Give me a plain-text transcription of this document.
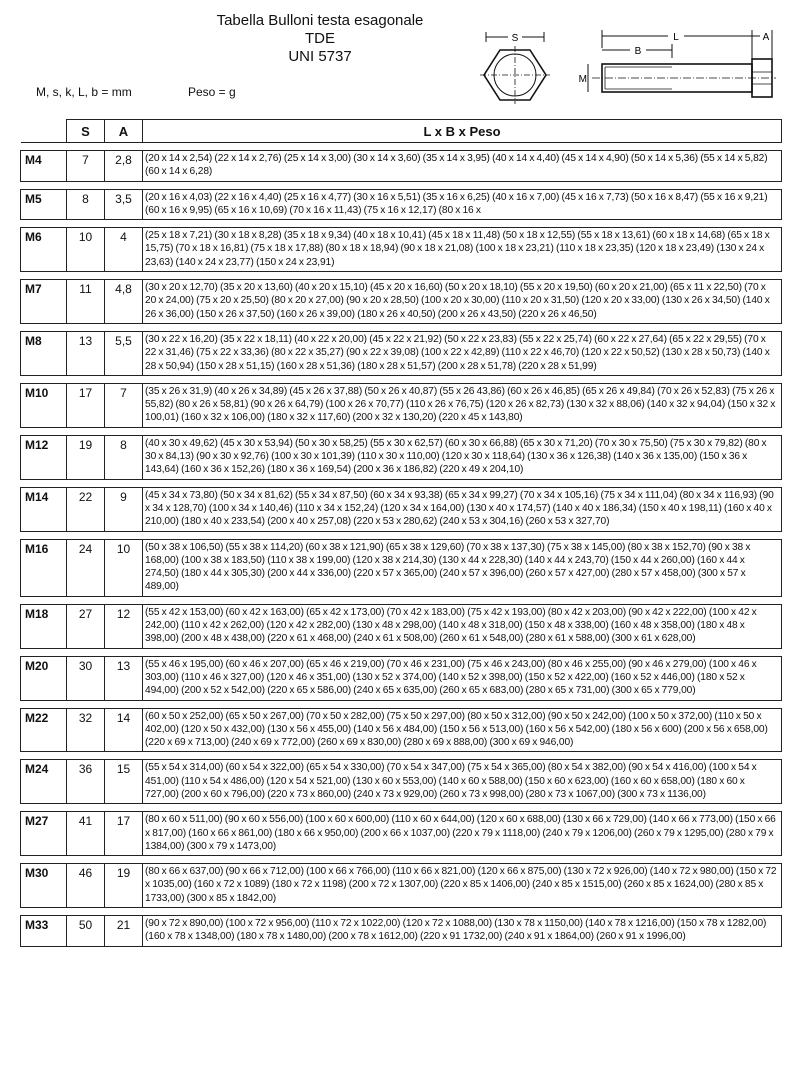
Tabella Bulloni testa esagonale TDE
UNI 5737
M, s, k, L, b = mm	Peso = g
S	L	A
B
M
	S	A	L x B x Peso

M4	7	2,8	(20 x 14 x 2,54) (22 x 14 x 2,76) (25 x 14 x 3,00) (30 x 14 x 3,60) (35 x 14 x 3,95) (40 x 14 x 4,40) (45 x 14 x 4,90) (50 x 14 x 5,36) (55 x 14 x 5,82) (60 x 14 x 6,28)

M5	8	3,5	(20 x 16 x 4,03) (22 x 16 x 4,40) (25 x 16 x 4,77) (30 x 16 x 5,51) (35 x 16 x 6,25) (40 x 16 x 7,00) (45 x 16 x 7,73) (50 x 16 x 8,47) (55 x 16 x 9,21) (60 x 16 x 9,95) (65 x 16 x 10,69) (70 x 16 x 11,43) (75 x 16 x 12,17) (80 x 16 x

M6	10	4	(25 x 18 x 7,21) (30 x 18 x 8,28) (35 x 18 x 9,34) (40 x 18 x 10,41) (45 x 18 x 11,48) (50 x 18 x 12,55) (55 x 18 x 13,61) (60 x 18 x 14,68) (65 x 18 x 15,75) (70 x 18 x 16,81) (75 x 18 x 17,88) (80 x 18 x 18,94) (90 x 18 x 21,08) (100 x 18 x 23,21) (110 x 18 x 23,35) (120 x 18 x 23,49) (130 x 24 x 23,63) (140 x 24 x 23,77) (150 x 24 x 23,91)

M7	11	4,8	(30 x 20 x 12,70) (35 x 20 x 13,60) (40 x 20 x 15,10) (45 x 20 x 16,60) (50 x 20 x 18,10) (55 x 20 x 19,50) (60 x 20 x 21,00) (65 x 11 x 22,50) (70 x 20 x 24,00) (75 x 20 x 25,50) (80 x 20 x 27,00) (90 x 20 x 28,50) (100 x 20 x 30,00) (110 x 20 x 31,50) (120 x 20 x 33,00) (130 x 26 x 34,50) (140 x 26 x 36,00) (150 x 26 x 37,50) (160 x 26 x 39,00) (180 x 26 x 40,50) (200 x 26 x 43,50) (220 x 26 x 46,50)

M8	13	5,5	(30 x 22 x 16,20) (35 x 22 x 18,11) (40 x 22 x 20,00) (45 x 22 x 21,92) (50 x 22 x 23,83) (55 x 22 x 25,74) (60 x 22 x 27,64) (65 x 22 x 29,55) (70 x 22 x 31,46) (75 x 22 x 33,36) (80 x 22 x 35,27) (90 x 22 x 39,08) (100 x 22 x 42,89) (110 x 22 x 46,70) (120 x 22 x 50,52) (130 x 28 x 50,73) (140 x 28 x 50,94) (150 x 28 x 51,15) (160 x 28 x 51,36) (180 x 28 x 51,57) (200 x 28 x 51,78) (220 x 28 x 51,99)

M10	17	7	(35 x 26 x 31,9) (40 x 26 x 34,89) (45 x 26 x 37,88) (50 x 26 x 40,87) (55 x 26 43,86) (60 x 26 x 46,85) (65 x 26 x 49,84) (70 x 26 x 52,83) (75 x 26 x 55,82) (80 x 26 x 58,81) (90 x 26 x 64,79) (100 x 26 x 70,77) (110 x 26 x 76,75) (120 x 26 x 82,73) (130 x 32 x 88,06) (140 x 32 x 94,04) (150 x 32 x 100,01) (160 x 32 x 106,00) (180 x 32 x 117,60) (200 x 32 x 130,20) (220 x 45 x 143,80)

M12	19	8	(40 x 30 x 49,62) (45 x 30 x 53,94) (50 x 30 x 58,25) (55 x 30 x 62,57) (60 x 30 x 66,88) (65 x 30 x 71,20) (70 x 30 x 75,50) (75 x 30 x 79,82) (80 x 30 x 84,13) (90 x 30 x 92,76) (100 x 30 x 101,39) (110 x 30 x 110,00) (120 x 30 x 118,64) (130 x 36 x 126,38) (140 x 36 x 135,00) (150 x 36 x 143,64) (160 x 36 x 152,26) (180 x 36 x 169,54) (200 x 36 x 186,82) (220 x 49 x 204,10)

M14	22	9	(45 x 34 x 73,80) (50 x 34 x 81,62) (55 x 34 x 87,50) (60 x 34 x 93,38) (65 x 34 x 99,27) (70 x 34 x 105,16) (75 x 34 x 111,04) (80 x 34 x 116,93) (90 x 34 x 128,70) (100 x 34 x 140,46) (110 x 34 x 152,24) (120 x 34 x 164,00) (130 x 40 x 174,57) (140 x 40 x 186,34) (150 x 40 x 198,11) (160 x 40 x 210,00) (180 x 40 x 233,54) (200 x 40 x 257,08) (220 x 53 x 280,62) (240 x 53 x 304,16) (260 x 53 x 327,70)

M16	24	10	(50 x 38 x 106,50) (55 x 38 x 114,20) (60 x 38 x 121,90) (65 x 38 x 129,60) (70 x 38 x 137,30) (75 x 38 x 145,00) (80 x 38 x 152,70) (90 x 38 x 168,00) (100 x 38 x 183,50) (110 x 38 x 199,00) (120 x 38 x 214,30) (130 x 44 x 228,30) (140 x 44 x 243,70) (150 x 44 x 260,00) (160 x 44 x 274,50) (180 x 44 x 305,30) (200 x 44 x 336,00) (220 x 57 x 365,00) (240 x 57 x 396,00) (260 x 57 x 427,00) (280 x 57 x 458,00) (300 x 57 x 489,00)

M18	27	12	(55 x 42 x 153,00) (60 x 42 x 163,00) (65 x 42 x 173,00) (70 x 42 x 183,00) (75 x 42 x 193,00) (80 x 42 x 203,00) (90 x 42 x 222,00) (100 x 42 x 242,00) (110 x 42 x 262,00) (120 x 42 x 282,00) (130 x 48 x 298,00) (140 x 48 x 318,00) (150 x 48 x 338,00) (160 x 48 x 358,00) (180 x 48 x 398,00) (200 x 48 x 438,00) (220 x 61 x 468,00) (240 x 61 x 508,00) (260 x 61 x 548,00) (280 x 61 x 588,00) (300 x 61 x 628,00)

M20	30	13	(55 x 46 x 195,00) (60 x 46 x 207,00) (65 x 46 x 219,00) (70 x 46 x 231,00) (75 x 46 x 243,00) (80 x 46 x 255,00) (90 x 46 x 279,00) (100 x 46 x 303,00) (110 x 46 x 327,00) (120 x 46 x 351,00) (130 x 52 x 374,00) (140 x 52 x 398,00) (150 x 52 x 422,00) (160 x 52 x 446,00) (180 x 52 x 494,00) (200 x 52 x 542,00) (220 x 65 x 586,00) (240 x 65 x 635,00) (260 x 65 x 683,00) (280 x 65 x 731,00) (300 x 65 x 779,00)

M22	32	14	(60 x 50 x 252,00) (65 x 50 x 267,00) (70 x 50 x 282,00) (75 x 50 x 297,00) (80 x 50 x 312,00) (90 x 50 x 242,00) (100 x 50 x 372,00) (110 x 50 x 402,00) (120 x 50 x 432,00) (130 x 56 x 455,00) (140 x 56 x 484,00) (150 x 56 x 513,00) (160 x 56 x 542,00) (180 x 56 x 600) (200 x 56 x 658,00) (220 x 69 x 713,00) (240 x 69 x 772,00) (260 x 69 x 830,00) (280 x 69 x 888,00) (300 x 69 x 946,00)

M24	36	15	(55 x 54 x 314,00) (60 x 54 x 322,00) (65 x 54 x 330,00) (70 x 54 x 347,00) (75 x 54 x 365,00) (80 x 54 x 382,00) (90 x 54 x 416,00) (100 x 54 x 451,00) (110 x 54 x 486,00) (120 x 54 x 521,00) (130 x 60 x 553,00) (140 x 60 x 588,00) (150 x 60 x 623,00) (160 x 60 x 658,00) (180 x 60 x 727,00) (200 x 60 x 796,00) (220 x 73 x 860,00) (240 x 73 x 929,00) (260 x 73 x 998,00) (280 x 73 x 1067,00) (300 x 73 x 1136,00)

M27	41	17	(80 x 60 x 511,00) (90 x 60 x 556,00) (100 x 60 x 600,00) (110 x 60 x 644,00) (120 x 60 x 688,00) (130 x 66 x 729,00) (140 x 66 x 773,00) (150 x 66 x 817,00) (160 x 66 x 861,00) (180 x 66 x 950,00) (200 x 66 x 1037,00) (220 x 79 x 1118,00) (240 x 79 x 1206,00) (260 x 79 x 1295,00) (280 x 79 x 1384,00) (300 x 79 x 1473,00)

M30	46	19	(80 x 66 x 637,00) (90 x 66 x 712,00) (100 x 66 x 766,00) (110 x 66 x 821,00) (120 x 66 x 875,00) (130 x 72 x 926,00) (140 x 72 x 980,00) (150 x 72 x 1035,00) (160 x 72 x 1089) (180 x 72 x 1198) (200 x 72 x 1307,00) (220 x 85 x 1406,00) (240 x 85 x 1515,00) (260 x 85 x 1624,00) (280 x 85 x 1733,00) (300 x 85 x 1842,00)

M33	50	21	(90 x 72 x 890,00) (100 x 72 x 956,00) (110 x 72 x 1022,00) (120 x 72 x 1088,00) (130 x 78 x 1150,00) (140 x 78 x 1216,00) (150 x 78 x 1282,00) (160 x 78 x 1348,00) (180 x 78 x 1480,00) (200 x 78 x 1612,00) (220 x 91 1732,00) (240 x 91 x 1864,00) (260 x 91 x 1996,00)
